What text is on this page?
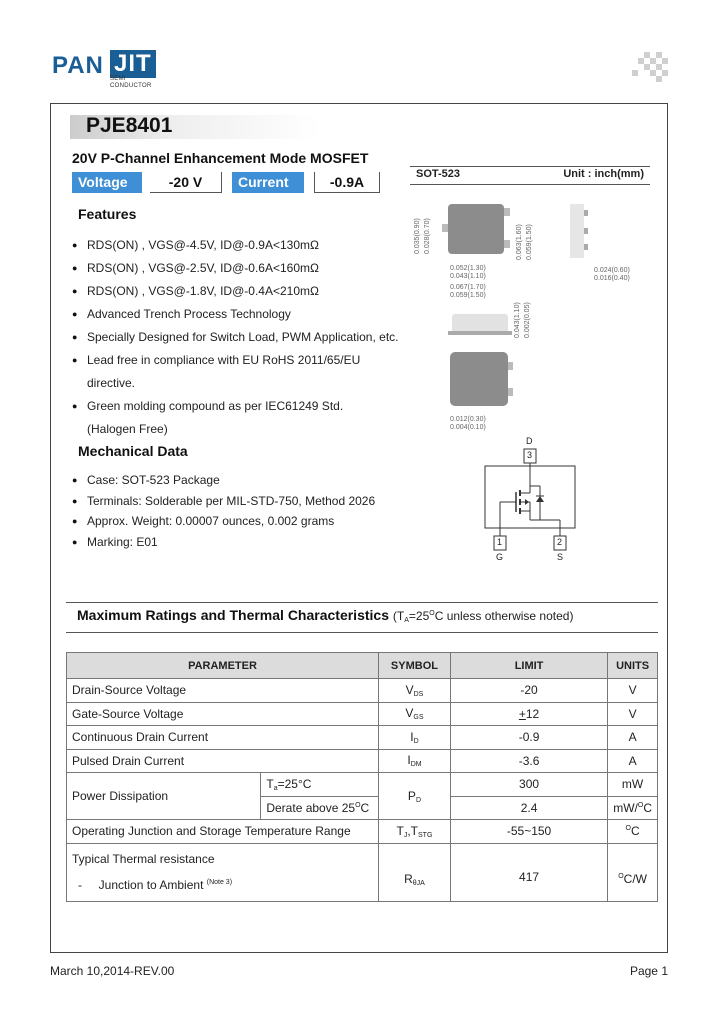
PAN JIT
SEMI
CONDUCTOR
PJE8401
20V P-Channel Enhancement Mode MOSFET
Voltage	-20 V	Current	-0.9A
Features
● RDS(ON) , VGS@-4.5V, ID@-0.9A<130mΩ
● RDS(ON) , VGS@-2.5V, ID@-0.6A<160mΩ
● RDS(ON) , VGS@-1.8V, ID@-0.4A<210mΩ
● Advanced Trench Process Technology
● Specially Designed for Switch Load, PWM Application, etc.
● Lead free in compliance with EU RoHS 2011/65/EU
directive.
● Green molding compound as per IEC61249 Std.
(Halogen Free)
Mechanical Data
● Case: SOT-523 Package
● Terminals: Solderable per MIL-STD-750, Method 2026
● Approx. Weight: 0.00007 ounces, 0.002 grams
● Marking: E01
SOT-523	Unit : inch(mm)
0.035(0.90) 0.028(0.70)	0.063(1.60) 0.059(1.50)
0.052(1.30)
0.043(1.10)
0.067(1.70)
0.059(1.50)
0.024(0.60)
0.016(0.40)
0.043(1.10) 0.002(0.05)
0.012(0.30)
0.004(0.10)
D
3
1	2
G	S
Maximum Ratings and Thermal Characteristics ($T_A=25^OC$ unless otherwise noted)
PARAMETER		SYMBOL	LIMIT	UNITS
Drain-Source Voltage		$V_{DS}$	-20	V
Gate-Source Voltage		$V_{GS}$	+12	V
Continuous Drain Current		$I_D$	-0.9	A
Pulsed Drain Current		$I_{DM}$	-3.6	A
Power Dissipation	$T_a=25^\circ C$	$P_D$	300	mW
	Derate above $25^OC$		2.4	mW/$^O$C
Operating Junction and Storage Temperature Range		$T_J,T_{STG}$	-55~150	$^O$C

Typical Thermal resistance
-     Junction to Ambient $^{(Note 3)}$		$R_{\theta JA}$	417	$^O$C/W
March 10,2014-REV.00	Page 1
